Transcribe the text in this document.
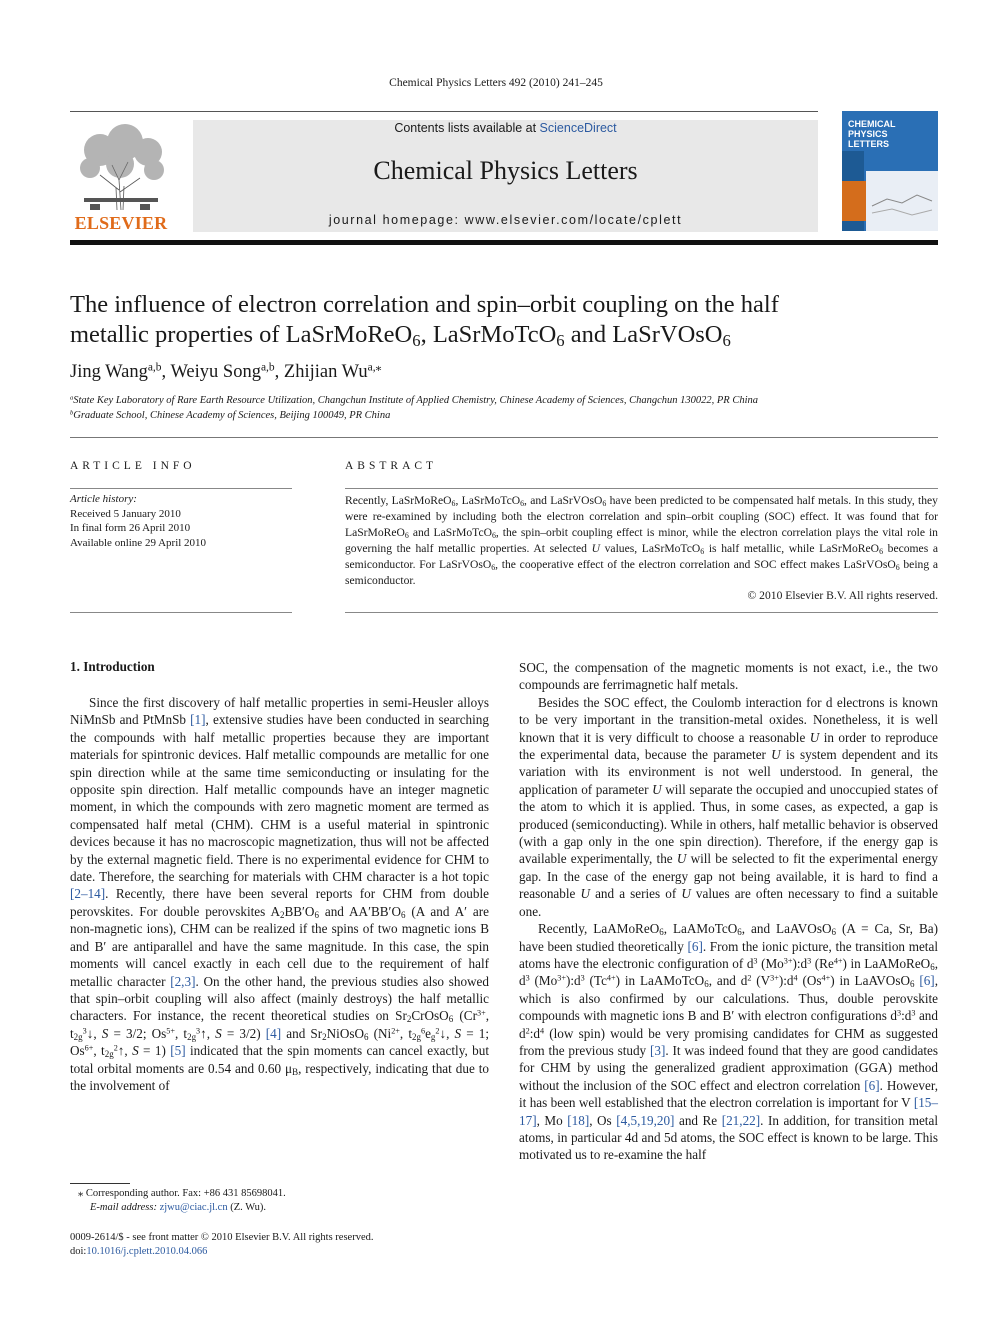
Chemical Physics Letters 492 (2010) 241–245
ELSEVIER
Contents lists available at ScienceDirect
Chemical Physics Letters
journal homepage: www.elsevier.com/locate/cplett
CHEMICAL
PHYSICS
LETTERS
The influence of electron correlation and spin–orbit coupling on the half
metallic properties of LaSrMoReO$_6$, LaSrMoTcO$_6$ and LaSrVOsO$_6$
Jing Wang$^{a,b}$, Weiyu Song$^{a,b}$, Zhijian $Wu^{a,⁎}$
$^a$State Key Laboratory of Rare Earth Resource Utilization, Changchun Institute of Applied Chemistry, Chinese Academy of Sciences, Changchun 130022, PR China
$^b$Graduate School, Chinese Academy of Sciences, Beijing 100049, PR China
ARTICLE INFO	ABSTRACT
Article history:
Received 5 January 2010
In final form 26 April 2010
Available online 29 April 2010
Recently, LaSrMoReO$_6$, LaSrMoTcO$_6$, and LaSrVOsO$_6$ have been predicted to be compensated half metals. In this study, they were re-examined by including both the electron correlation and spin–orbit coupling (SOC) effect. It was found that for LaSrMoReO$_6$ and LaSrMoTcO$_6$, the spin–orbit coupling effect is minor, while the electron correlation plays the vital role in governing the half metallic properties. At selected U values, LaSrMoTcO$_6$ is half metallic, while LaSrMoReO$_6$ becomes a semiconductor. For LaSrVOsO$_6$, the cooperative effect of the electron correlation and SOC effect makes LaSrVOsO$_6$ being a semiconductor.
© 2010 Elsevier B.V. All rights reserved.
1. Introduction

Since the first discovery of half metallic properties in semi-Heusler alloys NiMnSb and PtMnSb [1], extensive studies have been conducted in searching the compounds with half metallic properties because they are important materials for spintronic devices. Half metallic compounds are metallic for one spin direction while at the same time semiconducting or insulating for the opposite spin direction. Half metallic compounds have an integer magnetic moment, in which the compounds with zero magnetic moment are termed as compensated half metal (CHM). CHM is a useful material in spintronic devices because it has no macroscopic magnetization, thus will not be affected by the external magnetic field. There is no experimental evidence for CHM to date. Therefore, the searching for materials with CHM character is a hot topic [2–14]. Recently, there have been several reports for CHM from double perovskites. For double perovskites $A_2BB'O_6$ and $AA'BB'O_6$ (A and A′ are non-magnetic ions), CHM can be realized if the spins of two magnetic ions B and B′ are antiparallel and have the same magnitude. In this case, the spin moments will cancel exactly in each cell due to the requirement of half metallic character [2,3]. On the other hand, the previous studies also showed that spin–orbit coupling will also affect (mainly destroys) the half metallic characters. For instance, the recent theoretical studies on $Sr_2CrOsO_6$ ($Cr^{3+}$, $t_{2g}^3↓$, S = 3/2; $Os^{5+}$, $t_{2g}^3↑$, S = 3/2) [4] and $Sr_2NiOsO_6$ ($Ni^{2+}$, $t_{2g}^6e_g^2↓$, S = 1; $Os^{6+}$, $t_{2g}^2↑$, S = 1) [5] indicated that the spin moments can cancel exactly, but total orbital moments are 0.54 and 0.60 $\mu_B$, respectively, indicating that due to the involvement of

SOC, the compensation of the magnetic moments is not exact, i.e., the two compounds are ferrimagnetic half metals.

Besides the SOC effect, the Coulomb interaction for d electrons is known to be very important in the transition-metal oxides. Nonetheless, it is well known that it is very difficult to choose a reasonable U in order to reproduce the experimental data, because the parameter U is system dependent and its variation with its environment is not well understood. In general, the application of parameter U will separate the occupied and unoccupied states of the atom to which it is applied. Thus, in some cases, as expected, a gap is produced (semiconducting). While in others, half metallic behavior is observed (with a gap only in the one spin direction). Therefore, if the energy gap is available experimentally, the U will be selected to fit the experimental energy gap. In the case of the energy gap not being available, it is hard to find a reasonable U and a series of U values are often necessary to find a suitable one.

Recently, LaAMoReO$_6$, LaAMoTcO$_6$, and LaAVOsO$_6$ (A = Ca, Sr, Ba) have been studied theoretically [6]. From the ionic picture, the transition metal atoms have the electronic configuration of $d^3$ $(Mo^{3+}):d^3$ $(Re^{4+})$ in LaAMoReO$_6$, $d^3$ $(Mo^{3+}):d^3$ $(Tc^{4+})$ in LaAMoTcO$_6$, and $d^2$ $(V^{3+}):d^4$ $(Os^{4+})$ in LaAVOsO$_6$ [6], which is also confirmed by our calculations. Thus, double perovskite compounds with magnetic ions B and B′ with electron configurations $d^3:d^3$ and $d^2:d^4$ (low spin) would be very promising candidates for CHM as suggested from the previous study [3]. It was indeed found that they are good candidates for CHM by using the generalized gradient approximation (GGA) method without the inclusion of the SOC effect and electron correlation [6]. However, it has been well established that the electron correlation is important for V [15–17], Mo [18], Os [4,5,19,20] and Re [21,22]. In addition, for transition metal atoms, in particular 4d and 5d atoms, the SOC effect is known to be large. This motivated us to re-examine the half

⁎ Corresponding author. Fax: +86 431 85698041.
E-mail address: zjwu@ciac.jl.cn (Z. Wu).
0009-2614/$ - see front matter © 2010 Elsevier B.V. All rights reserved.
doi:10.1016/j.cplett.2010.04.066
